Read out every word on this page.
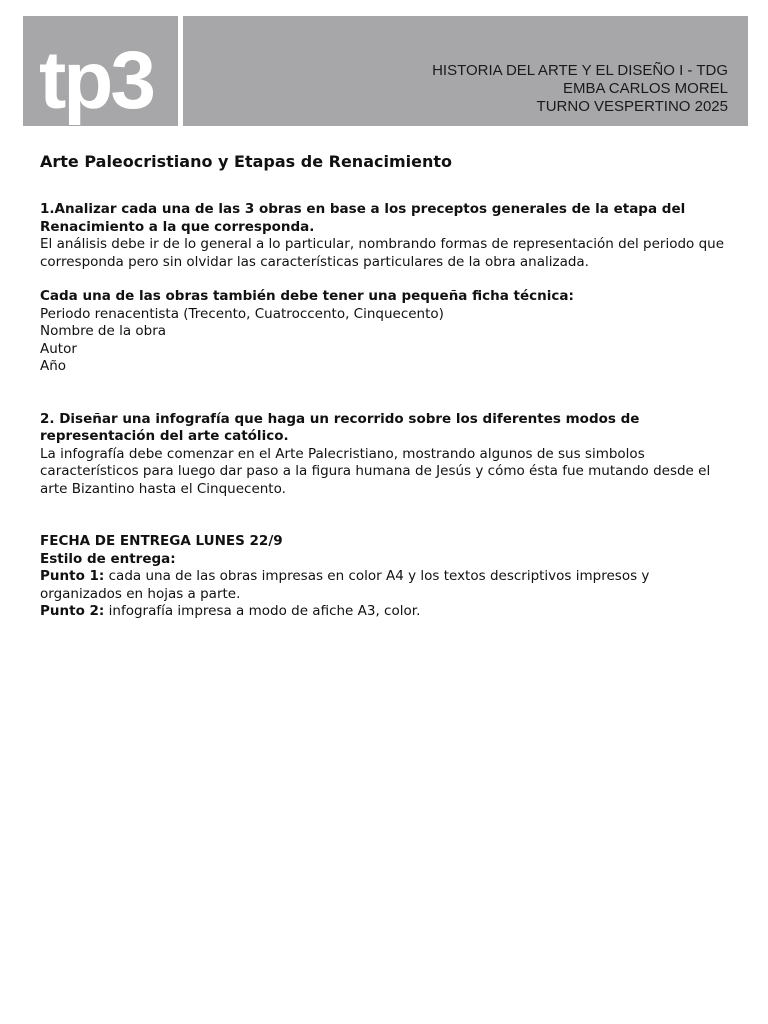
tp3	HISTORIA DEL ARTE Y EL DISEÑO I - TDG
EMBA CARLOS MOREL
TURNO VESPERTINO 2025
Arte Paleocristiano y Etapas de Renacimiento

1.Analizar cada una de las 3 obras en base a los preceptos generales de la etapa del Renacimiento a la que corresponda.

El análisis debe ir de lo general a lo particular, nombrando formas de representación del periodo que corresponda pero sin olvidar las características particulares de la obra analizada.

Cada una de las obras también debe tener una pequeña ficha técnica:

Periodo renacentista (Trecento, Cuatroccento, Cinquecento)

Nombre de la obra

Autor

Año

2. Diseñar una infografía que haga un recorrido sobre los diferentes modos de representación del arte católico.

La infografía debe comenzar en el Arte Palecristiano, mostrando algunos de sus simbolos característicos para luego dar paso a la figura humana de Jesús y cómo ésta fue mutando desde el arte Bizantino hasta el Cinquecento.

FECHA DE ENTREGA LUNES 22/9

Estilo de entrega:

Punto 1: cada una de las obras impresas en color A4 y los textos descriptivos impresos y organizados en hojas a parte.

Punto 2: infografía impresa a modo de afiche A3, color.
